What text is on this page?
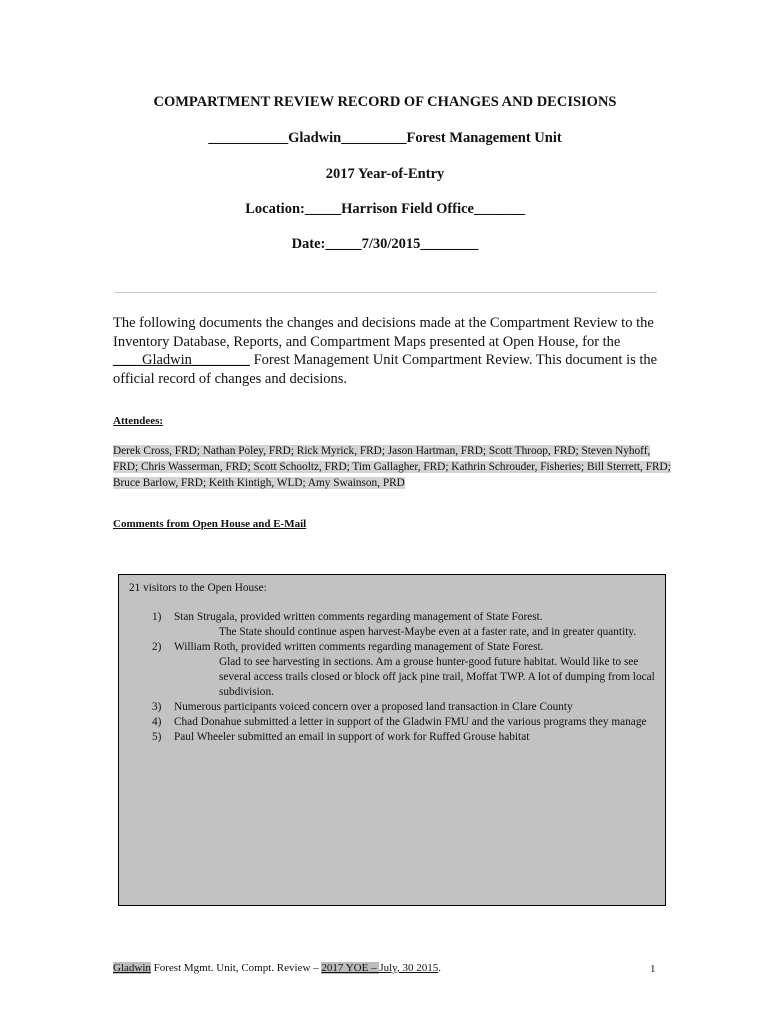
COMPARTMENT REVIEW RECORD OF CHANGES AND DECISIONS
___________Gladwin_________Forest Management Unit
2017 Year-of-Entry
Location:_____Harrison Field Office_______
Date:_____7/30/2015________
The following documents the changes and decisions made at the Compartment Review to the Inventory Database, Reports, and Compartment Maps presented at Open House, for the ____Gladwin________ Forest Management Unit Compartment Review. This document is the official record of changes and decisions.
Attendees:
Derek Cross, FRD; Nathan Poley, FRD; Rick Myrick, FRD; Jason Hartman, FRD; Scott Throop, FRD; Steven Nyhoff, FRD; Chris Wasserman, FRD; Scott Schooltz, FRD; Tim Gallagher, FRD; Kathrin Schrouder, Fisheries; Bill Sterrett, FRD; Bruce Barlow, FRD; Keith Kintigh, WLD; Amy Swainson, PRD
Comments from Open House and E-Mail
21 visitors to the Open House:
1) Stan Strugala, provided written comments regarding management of State Forest.
The State should continue aspen harvest-Maybe even at a faster rate, and in greater quantity.
2) William Roth, provided written comments regarding management of State Forest.
Glad to see harvesting in sections. Am a grouse hunter-good future habitat. Would like to see several access trails closed or block off jack pine trail, Moffat TWP. A lot of dumping from local subdivision.
3) Numerous participants voiced concern over a proposed land transaction in Clare County
4) Chad Donahue submitted a letter in support of the Gladwin FMU and the various programs they manage
5) Paul Wheeler submitted an email in support of work for Ruffed Grouse habitat
Gladwin Forest Mgmt. Unit, Compt. Review – 2017 YOE – July, 30 2015.	1
